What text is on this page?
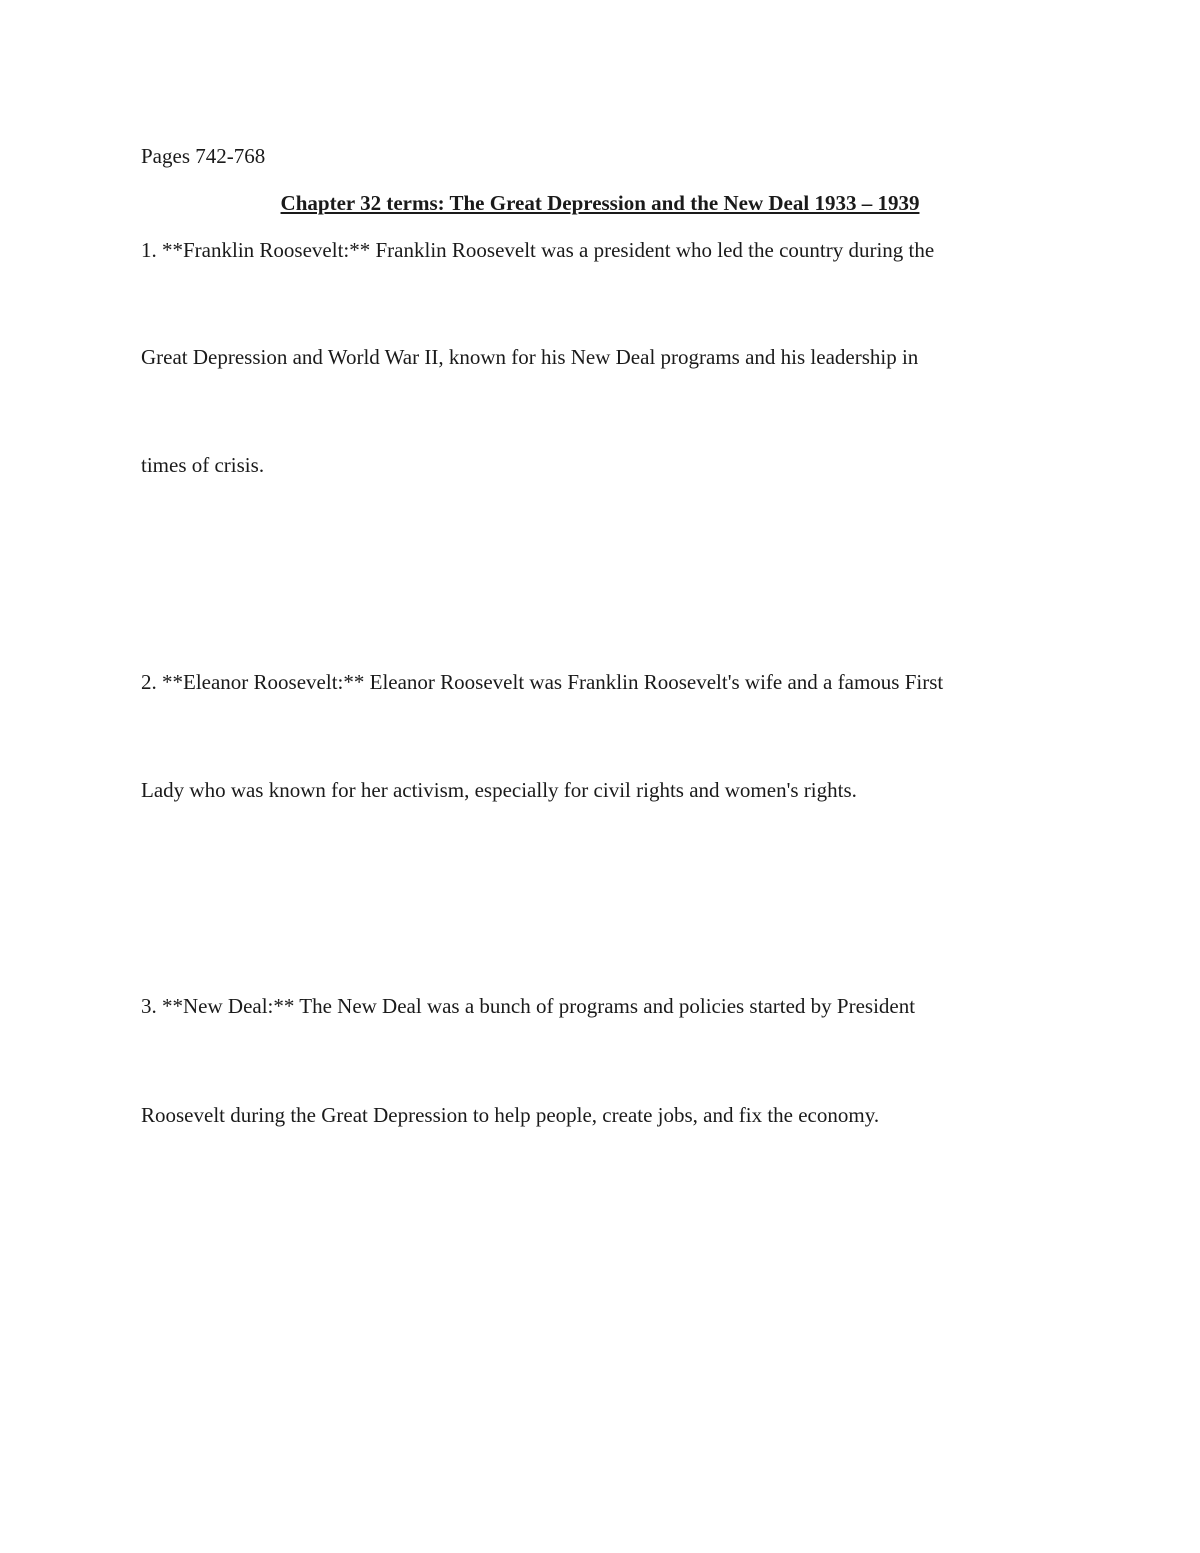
Pages 742-768

Chapter 32 terms: The Great Depression and the New Deal 1933 – 1939

1. **Franklin Roosevelt:** Franklin Roosevelt was a president who led the country during the

Great Depression and World War II, known for his New Deal programs and his leadership in

times of crisis.

2. **Eleanor Roosevelt:** Eleanor Roosevelt was Franklin Roosevelt's wife and a famous First

Lady who was known for her activism, especially for civil rights and women's rights.

3. **New Deal:** The New Deal was a bunch of programs and policies started by President

Roosevelt during the Great Depression to help people, create jobs, and fix the economy.
